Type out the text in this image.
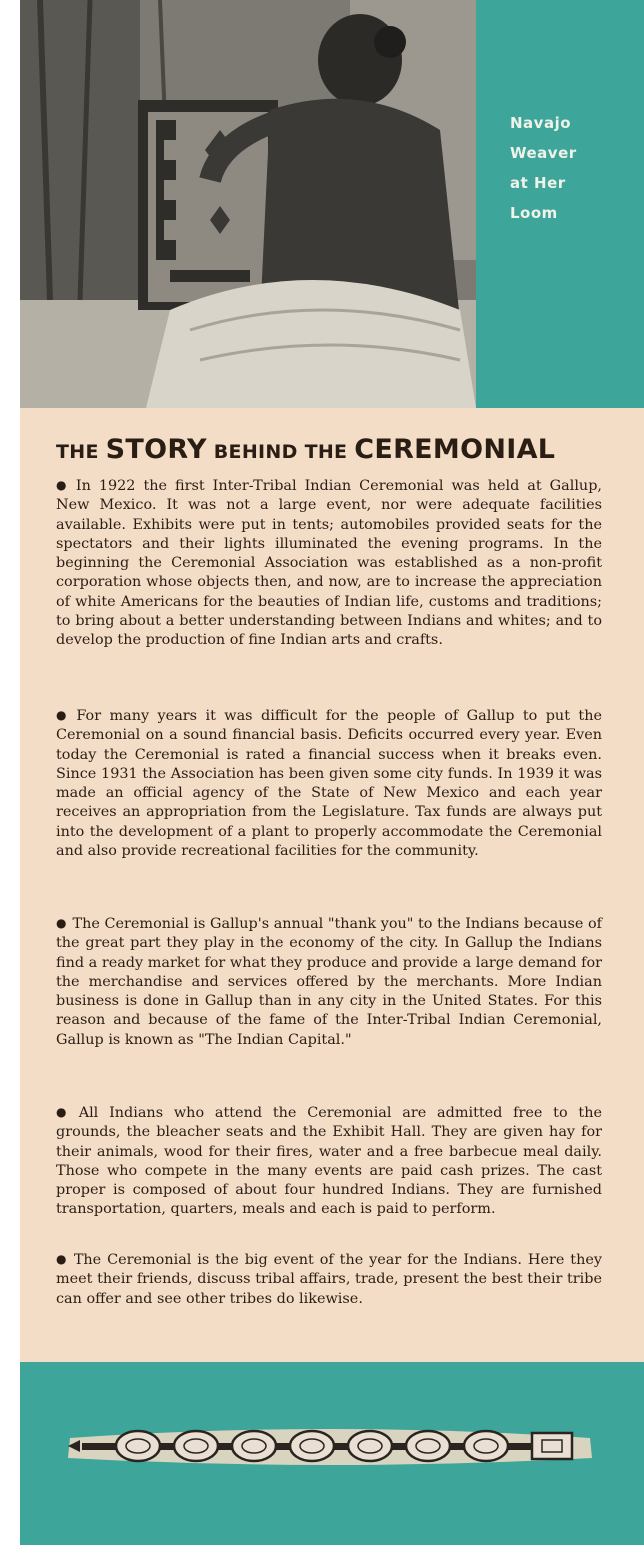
Navajo
Weaver
at Her
Loom
THE STORY BEHIND THE CEREMONIAL

● In 1922 the first Inter-Tribal Indian Ceremonial was held at Gallup, New Mexico. It was not a large event, nor were adequate facilities available. Exhibits were put in tents; automobiles provided seats for the spectators and their lights illuminated the evening programs. In the beginning the Ceremonial Association was established as a non-profit corporation whose objects then, and now, are to increase the appreciation of white Americans for the beauties of Indian life, customs and traditions; to bring about a better understanding between Indians and whites; and to develop the production of fine Indian arts and crafts.

● For many years it was difficult for the people of Gallup to put the Ceremonial on a sound financial basis. Deficits occurred every year. Even today the Ceremonial is rated a financial success when it breaks even. Since 1931 the Association has been given some city funds. In 1939 it was made an official agency of the State of New Mexico and each year receives an appropriation from the Legislature. Tax funds are always put into the development of a plant to properly accommodate the Ceremonial and also provide recreational facilities for the community.

● The Ceremonial is Gallup's annual "thank you" to the Indians because of the great part they play in the economy of the city. In Gallup the Indians find a ready market for what they produce and provide a large demand for the merchandise and services offered by the merchants. More Indian business is done in Gallup than in any city in the United States. For this reason and because of the fame of the Inter-Tribal Indian Ceremonial, Gallup is known as "The Indian Capital."

● All Indians who attend the Ceremonial are admitted free to the grounds, the bleacher seats and the Exhibit Hall. They are given hay for their animals, wood for their fires, water and a free barbecue meal daily. Those who compete in the many events are paid cash prizes. The cast proper is composed of about four hundred Indians. They are furnished transportation, quarters, meals and each is paid to perform.

● The Ceremonial is the big event of the year for the Indians. Here they meet their friends, discuss tribal affairs, trade, present the best their tribe can offer and see other tribes do likewise.
